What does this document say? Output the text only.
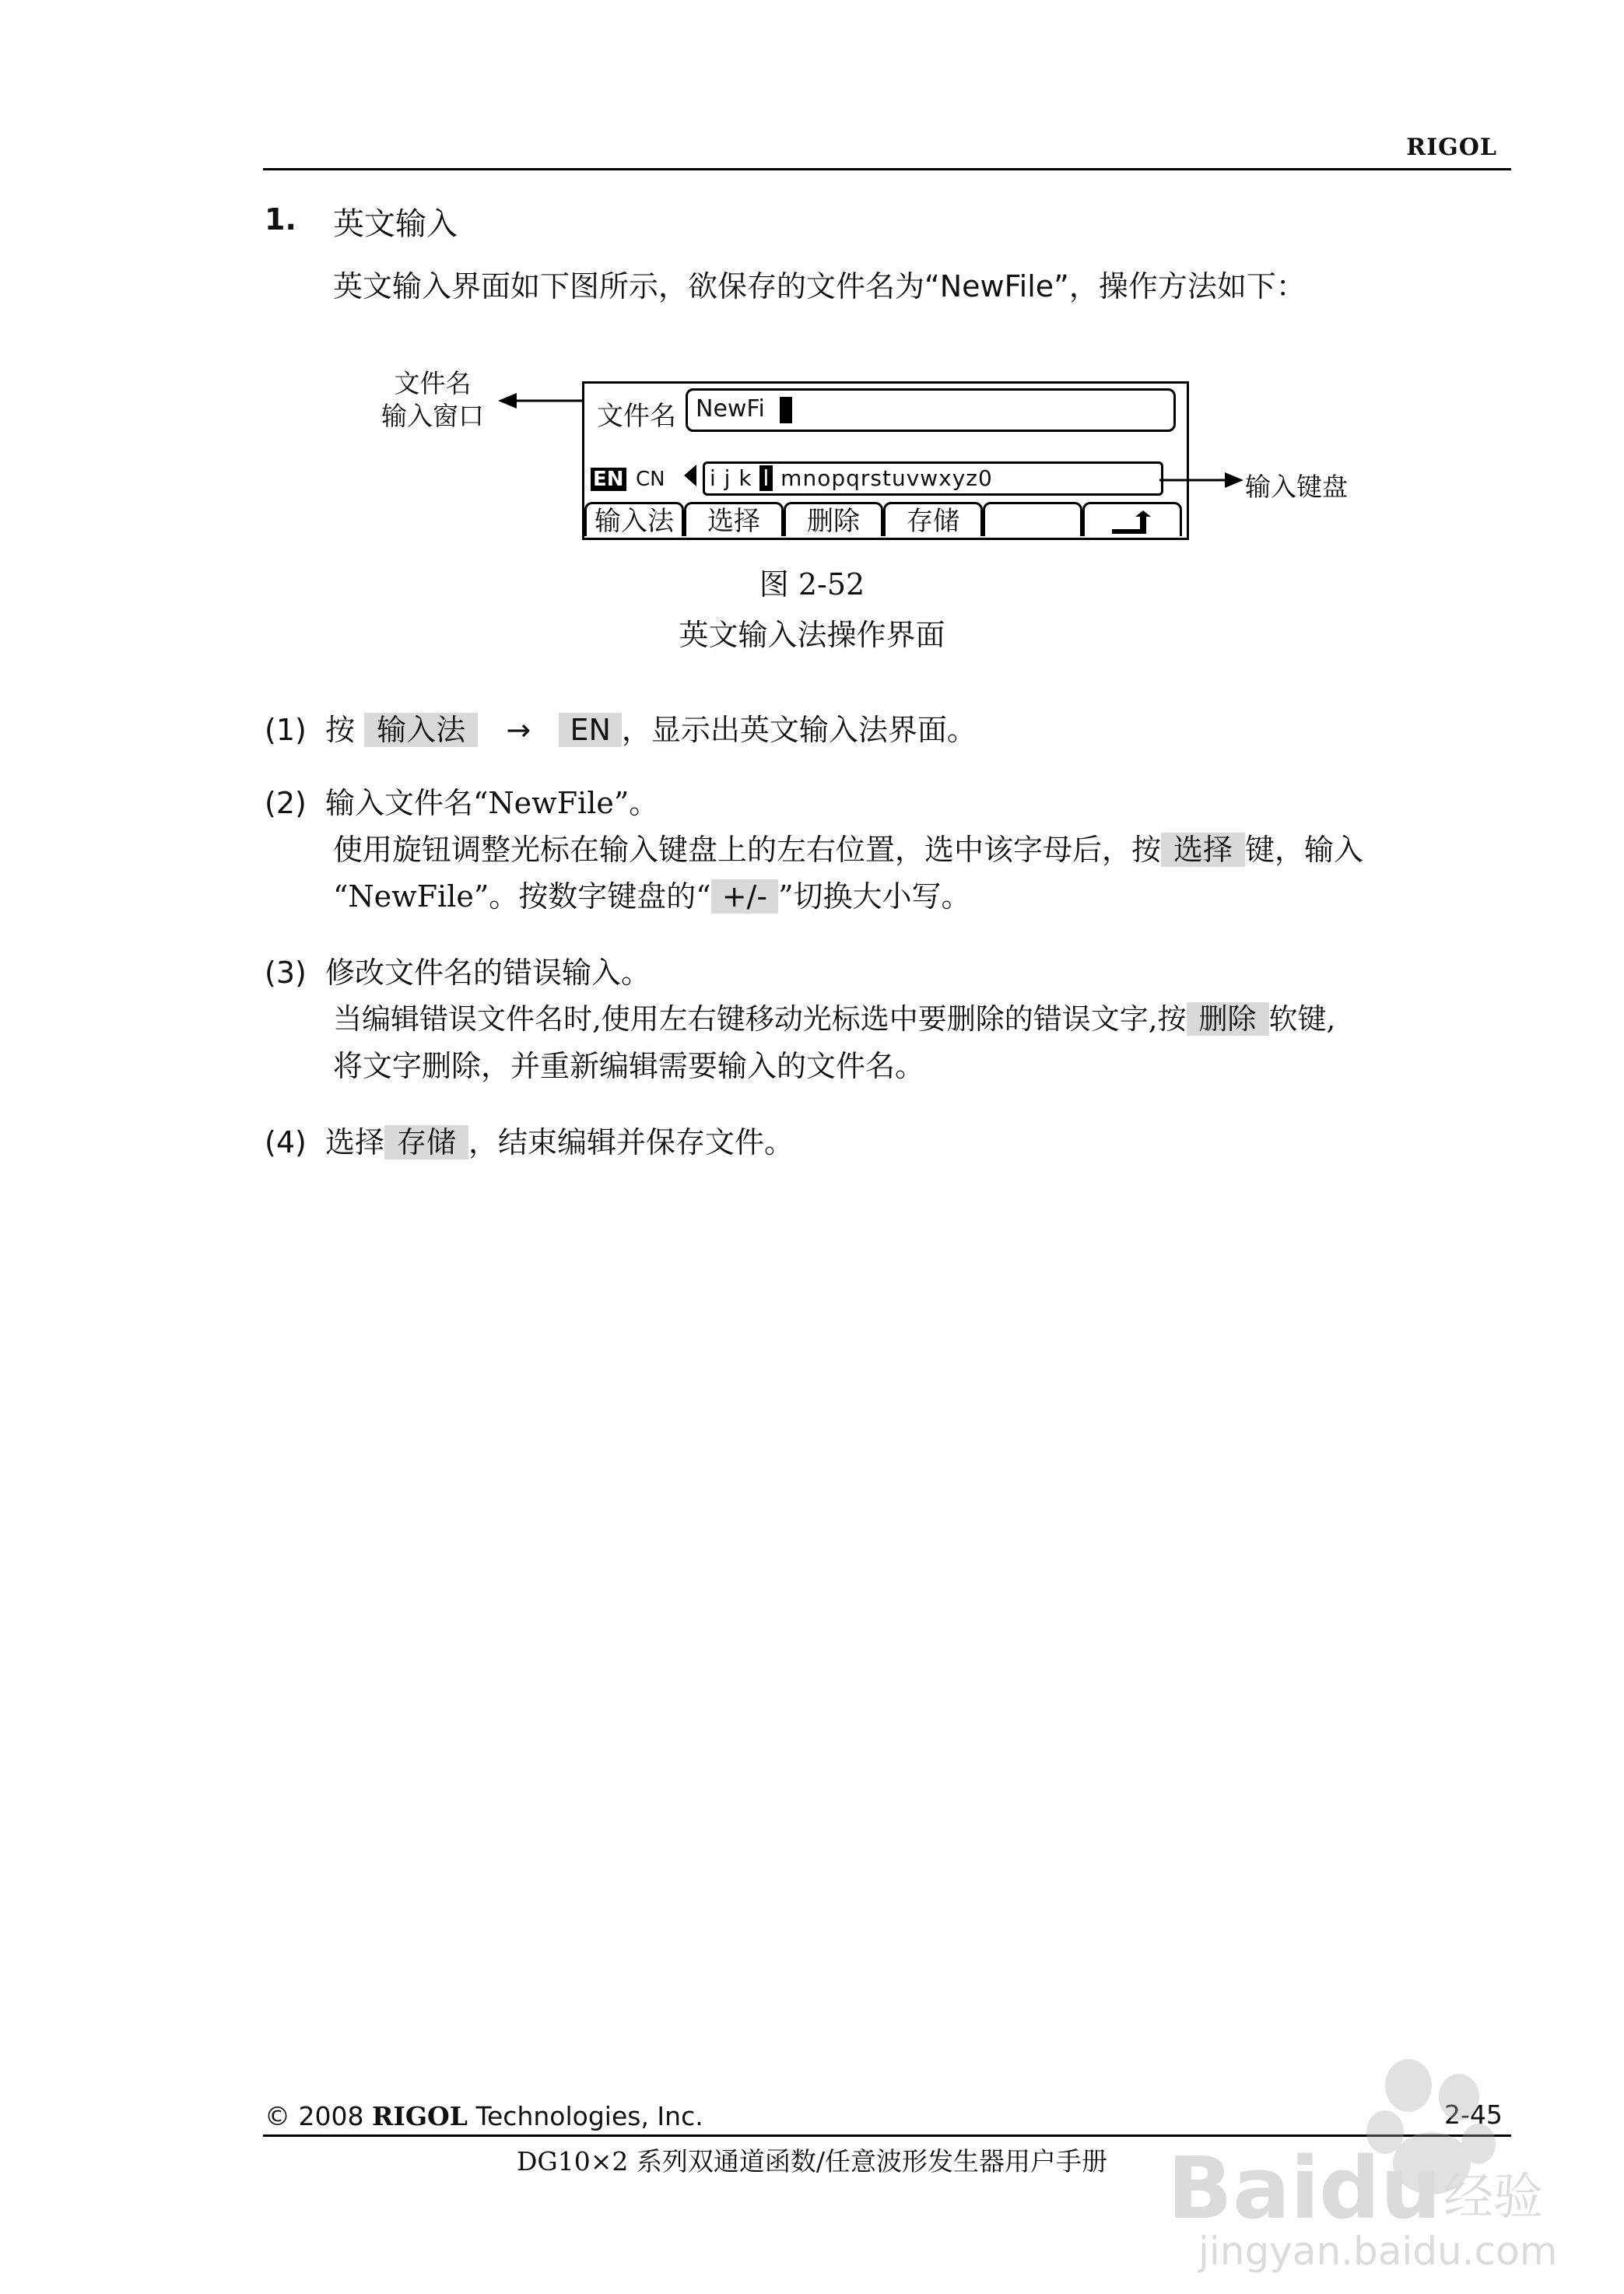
RIGOL
1. 英文输入
英文输入界面如下图所示，欲保存的文件名为“NewFile”，操作方法如下：
文件名
输入窗口	文件名 NewFi
EN CN i j k l mnopqrstuvwxyz0
输入法	选择	删除	存储
输入键盘
图 2-52
英文输入法操作界面
(1) 按 输入法 → EN ，显示出英文输入法界面。
(2) 输入文件名“NewFile”。
使用旋钮调整光标在输入键盘上的左右位置，选中该字母后，按 选择 键，输入
“NewFile”。按数字键盘的“ +/- ”切换大小写。
(3) 修改文件名的错误输入。
当编辑错误文件名时,使用左右键移动光标选中要删除的错误文字,按 删除 软键,
将文字删除，并重新编辑需要输入的文件名。
(4) 选择 存储 ，结束编辑并保存文件。
© 2008 RIGOL Technologies, Inc.	2-45
DG10×2 系列双通道函数/任意波形发生器用户手册 Bai du 经验
jingyan.baidu.com
